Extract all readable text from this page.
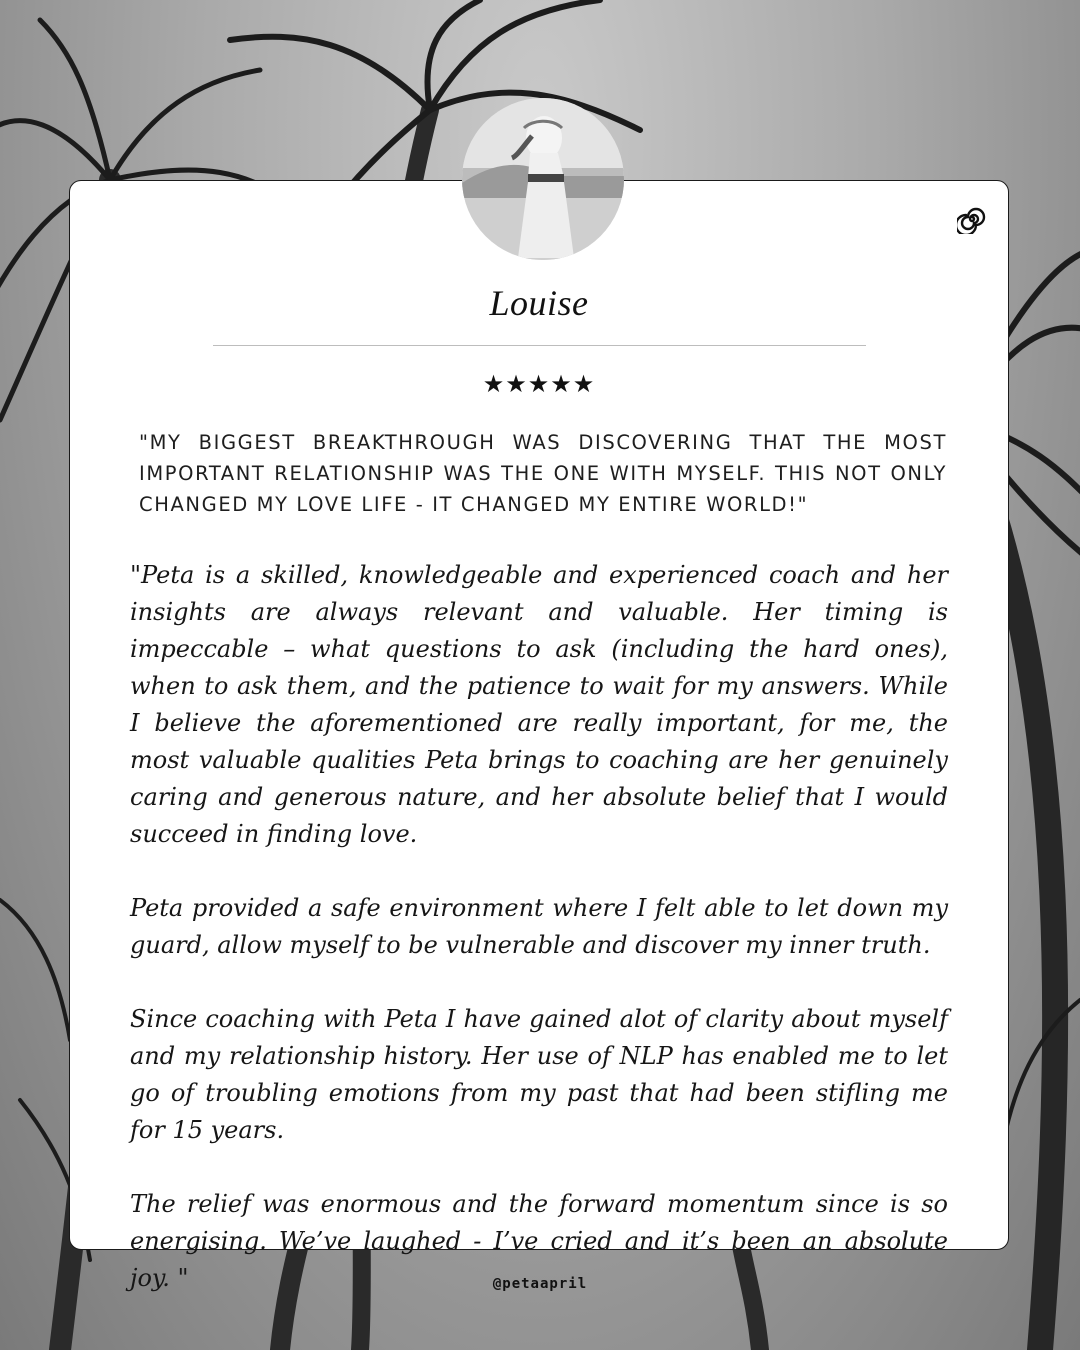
Louise
★★★★★
"MY BIGGEST BREAKTHROUGH WAS DISCOVERING THAT THE MOST IMPORTANT RELATIONSHIP WAS THE ONE WITH MYSELF. THIS NOT ONLY CHANGED MY LOVE LIFE - IT CHANGED MY ENTIRE WORLD!"

"Peta is a skilled, knowledgeable and experienced coach and her insights are always relevant and valuable. Her timing is impeccable – what questions to ask (including the hard ones), when to ask them, and the patience to wait for my answers. While I believe the aforementioned are really important, for me, the most valuable qualities Peta brings to coaching are her genuinely caring and generous nature, and her absolute belief that I would succeed in finding love.

Peta provided a safe environment where I felt able to let down my guard, allow myself to be vulnerable and discover my inner truth.

Since coaching with Peta I have gained alot of clarity about myself and my relationship history. Her use of NLP has enabled me to let go of troubling emotions from my past that had been stifling me for 15 years.

The relief was enormous and the forward momentum since is so energising. We’ve laughed - I’ve cried and it’s been an absolute joy. "	@petaapril
